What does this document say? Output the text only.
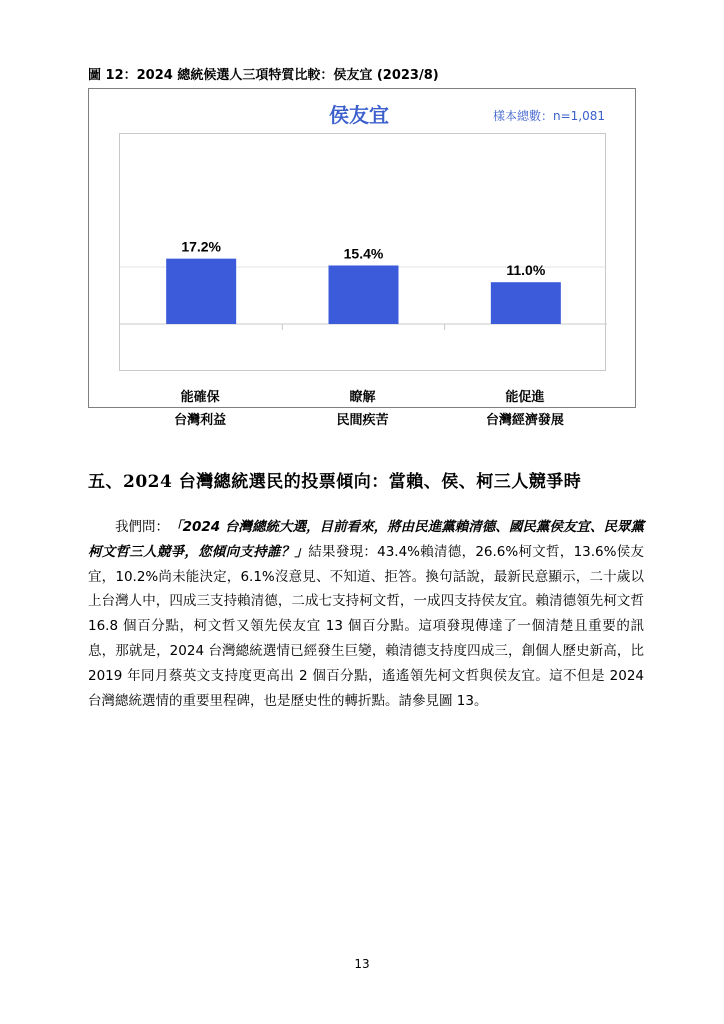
圖 12：2024 總統候選人三項特質比較：侯友宜 (2023/8)
侯友宜	樣本總數：n=1,081
17.2%	15.4%
11.0%
能確保
台灣利益
瞭解
民間疾苦
能促進
台灣經濟發展
五、2024 台灣總統選民的投票傾向：當賴、侯、柯三人競爭時

我們問：「2024 台灣總統大選，目前看來，將由民進黨賴清德、國民黨侯友宜、民眾黨柯文哲三人競爭，您傾向支持誰？」結果發現：43.4%賴清德，26.6%柯文哲，13.6%侯友宜，10.2%尚未能決定，6.1%沒意見、不知道、拒答。換句話說，最新民意顯示，二十歲以上台灣人中，四成三支持賴清德，二成七支持柯文哲，一成四支持侯友宜。賴清德領先柯文哲 16.8 個百分點，柯文哲又領先侯友宜 13 個百分點。這項發現傳達了一個清楚且重要的訊息，那就是，2024 台灣總統選情已經發生巨變，賴清德支持度四成三，創個人歷史新高，比 2019 年同月蔡英文支持度更高出 2 個百分點，遙遙領先柯文哲與侯友宜。這不但是 2024 台灣總統選情的重要里程碑，也是歷史性的轉折點。請參見圖 13。

13
